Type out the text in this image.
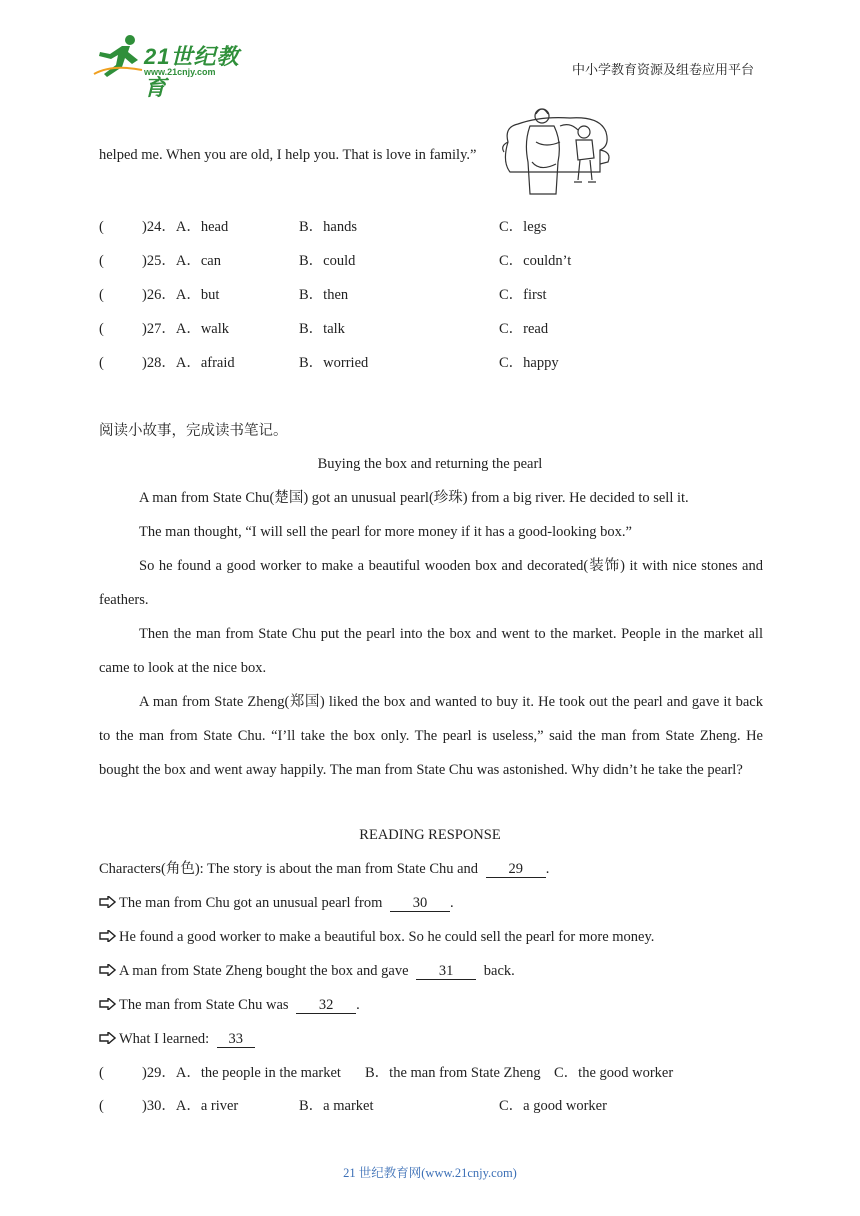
21世纪教育
www.21cnjy.com	中小学教育资源及组卷应用平台
helped me. When you are old, I help you. That is love in family.”
(	)24．A．head	B．hands	C．legs
(	)25．A．can	B．could	C．couldn’t
(	)26．A．but	B．then	C．first
(	)27．A．walk	B．talk	C．read
(	)28．A．afraid	B．worried	C．happy
阅读小故事，完成读书笔记。
Buying the box and returning the pearl
A man from State Chu(楚国) got an unusual pearl(珍珠) from a big river. He decided to sell it.
The man thought, “I will sell the pearl for more money if it has a good-looking box.”
So he found a good worker to make a beautiful wooden box and decorated(装饰) it with nice stones and feathers.
Then the man from State Chu put the pearl into the box and went to the market. People in the market all came to look at the nice box.
A man from State Zheng(郑国) liked the box and wanted to buy it. He took out the pearl and gave it back to the man from State Chu. “I’ll take the box only. The pearl is useless,” said the man from State Zheng. He bought the box and went away happily. The man from State Chu was astonished. Why didn’t he take the pearl?
READING RESPONSE
Characters(角色): The story is about the man from State Chu and 29 .
The man from Chu got an unusual pearl from 30 .
He found a good worker to make a beautiful box. So he could sell the pearl for more money.
A man from State Zheng bought the box and gave 31 back.
The man from State Chu was 32 .
What I learned: 33
(	)29．A．the people in the market B．the man from State Zheng C．the good worker
(	)30．A．a river	B．a market	C．a good worker
21 世纪教育网(www.21cnjy.com)
